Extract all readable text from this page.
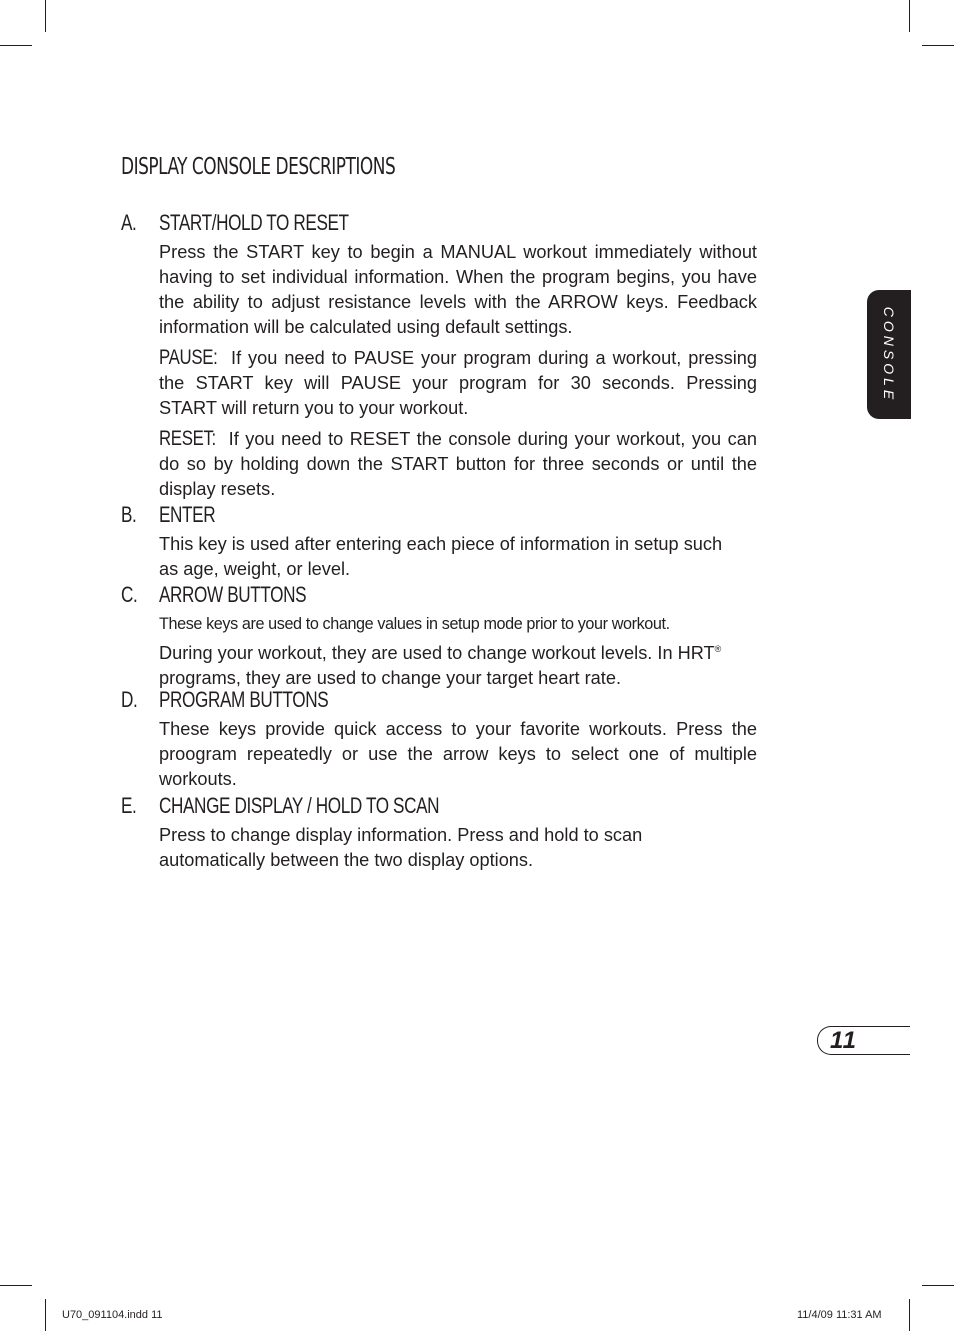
DISPLAY CONSOLE DESCRIPTIONS
A. START/HOLD TO RESET
Press the START key to begin a MANUAL workout immediately without having to set individual information. When the program begins, you have the ability to adjust resistance levels with the ARROW keys. Feedback information will be calculated using default settings.
PAUSE: If you need to PAUSE your program during a workout, pressing the START key will PAUSE your program for 30 seconds. Pressing START will return you to your workout.
RESET: If you need to RESET the console during your workout, you can do so by holding down the START button for three seconds or until the display resets.
B. ENTER
This key is used after entering each piece of information in setup such as age, weight, or level.
C. ARROW BUTTONS
These keys are used to change values in setup mode prior to your workout.
During your workout, they are used to change workout levels. In HRT® programs, they are used to change your target heart rate.
D. PROGRAM BUTTONS
These keys provide quick access to your favorite workouts. Press the proogram repeatedly or use the arrow keys to select one of multiple workouts.
E. CHANGE DISPLAY / HOLD TO SCAN
Press to change display information. Press and hold to scan automatically between the two display options.
CONSOLE
11
U70_091104.indd 11	11/4/09 11:31 AM
